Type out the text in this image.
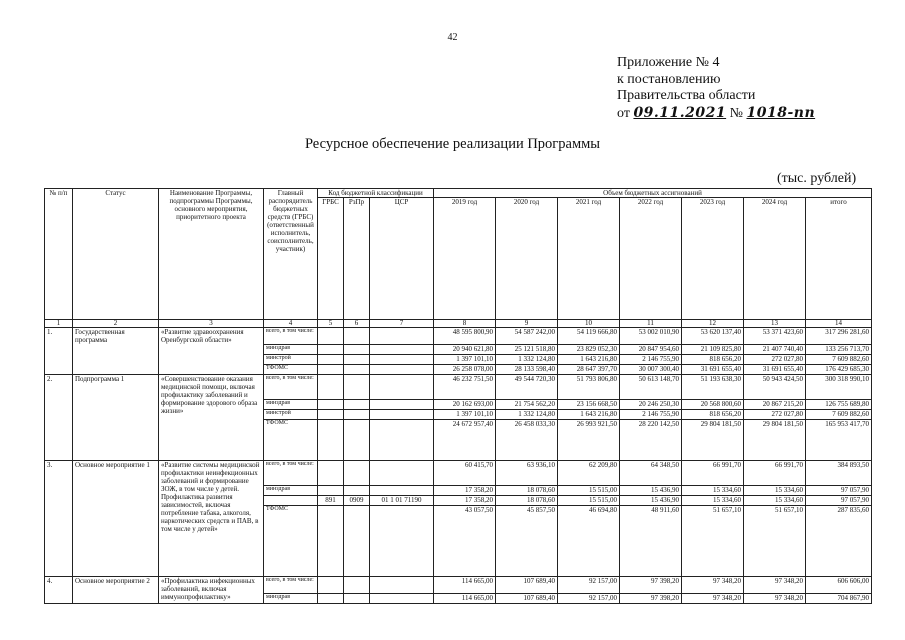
42
Приложение № 4
к постановлению
Правительства области
от 09.11.2021 № 1018-пп
Ресурсное обеспечение реализации Программы
(тыс. рублей)
№ п/п	Статус	Наименование Программы, подпрограммы Программы, основного мероприятия, приоритетного проекта	Главный распорядитель бюджетных средств (ГРБС) (ответственный исполнитель, соисполнитель, участник)	Код бюджетной классификации			Объем бюджетных ассигнований						
				ГРБС	РзПр	ЦСР	2019 год	2020 год	2021 год	2022 год	2023 год	2024 год	итого
1	2	3	4	5	6	7	8	9	10	11	12	13	14
1.	Государственная программа	«Развитие здравоохранения Оренбургской области»	всего, в том числе:				48 595 800,90	54 587 242,00	54 119 666,80	53 002 010,90	53 620 137,40	53 371 423,60	317 296 281,60
			минздрав				20 940 621,80	25 121 518,80	23 829 052,30	20 847 954,60	21 109 825,80	21 407 740,40	133 256 713,70
			минстрой				1 397 101,10	1 332 124,80	1 643 216,80	2 146 755,90	818 656,20	272 027,80	7 609 882,60
			ТФОМС				26 258 078,00	28 133 598,40	28 647 397,70	30 007 300,40	31 691 655,40	31 691 655,40	176 429 685,30
2.	Подпрограмма 1	«Совершенствование оказания медицинской помощи, включая профилактику заболеваний и формирование здорового образа жизни»	всего, в том числе:				46 232 751,50	49 544 720,30	51 793 806,80	50 613 148,70	51 193 638,30	50 943 424,50	300 318 990,10
			минздрав				20 162 693,00	21 754 562,20	23 156 668,50	20 246 250,30	20 568 800,60	20 867 215,20	126 755 689,80
			минстрой				1 397 101,10	1 332 124,80	1 643 216,80	2 146 755,90	818 656,20	272 027,80	7 609 882,60
			ТФОМС				24 672 957,40	26 458 033,30	26 993 921,50	28 220 142,50	29 804 181,50	29 804 181,50	165 953 417,70
3.	Основное мероприятие 1	«Развитие системы медицинской профилактики неинфекционных заболеваний и формирование ЗОЖ, в том числе у детей. Профилактика развития зависимостей, включая потребление табака, алкоголя, наркотических средств и ПАВ, в том числе у детей»	всего, в том числе:				60 415,70	63 936,10	62 209,80	64 348,50	66 991,70	66 991,70	384 893,50
			минздрав				17 358,20	18 078,60	15 515,00	15 436,90	15 334,60	15 334,60	97 057,90
				891	0909	01 1 01 71190	17 358,20	18 078,60	15 515,00	15 436,90	15 334,60	15 334,60	97 057,90
			ТФОМС				43 057,50	45 857,50	46 694,80	48 911,60	51 657,10	51 657,10	287 835,60
4.	Основное мероприятие 2	«Профилактика инфекционных заболеваний, включая иммунопрофилактику»	всего, в том числе:				114 665,00	107 689,40	92 157,00	97 398,20	97 348,20	97 348,20	606 606,00
			минздрав				114 665,00	107 689,40	92 157,00	97 398,20	97 348,20	97 348,20	704 867,90
